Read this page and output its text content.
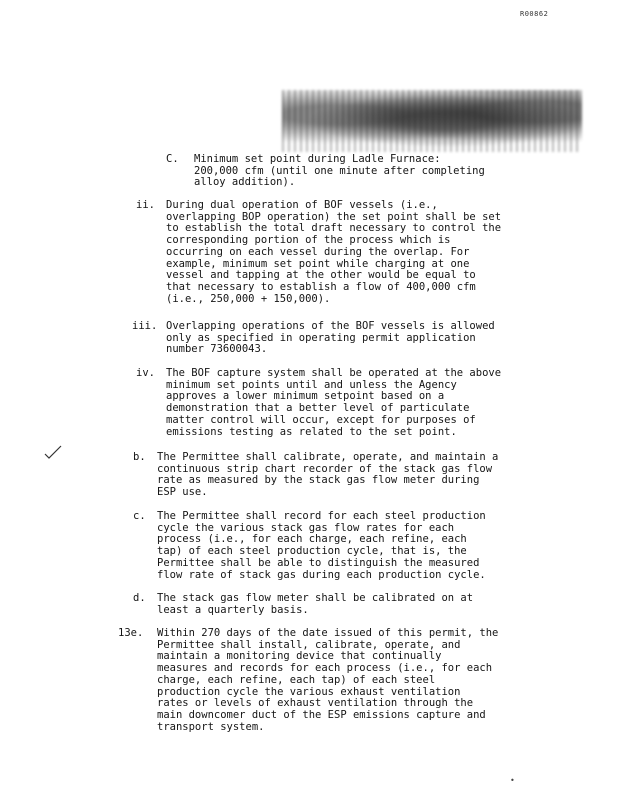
R00862
C. Minimum set point during Ladle Furnace:
200,000 cfm (until one minute after completing
alloy addition).
ii. During dual operation of BOF vessels (i.e.,
overlapping BOP operation) the set point shall be set
to establish the total draft necessary to control the
corresponding portion of the process which is
occurring on each vessel during the overlap. For
example, minimum set point while charging at one
vessel and tapping at the other would be equal to
that necessary to establish a flow of 400,000 cfm
(i.e., 250,000 + 150,000).
iii. Overlapping operations of the BOF vessels is allowed
only as specified in operating permit application
number 73600043.
iv. The BOF capture system shall be operated at the above
minimum set points until and unless the Agency
approves a lower minimum setpoint based on a
demonstration that a better level of particulate
matter control will occur, except for purposes of
emissions testing as related to the set point.
b. The Permittee shall calibrate, operate, and maintain a
continuous strip chart recorder of the stack gas flow
rate as measured by the stack gas flow meter during
ESP use.
c. The Permittee shall record for each steel production
cycle the various stack gas flow rates for each
process (i.e., for each charge, each refine, each
tap) of each steel production cycle, that is, the
Permittee shall be able to distinguish the measured
flow rate of stack gas during each production cycle.
d. The stack gas flow meter shall be calibrated on at
least a quarterly basis.
13e. Within 270 days of the date issued of this permit, the
Permittee shall install, calibrate, operate, and
maintain a monitoring device that continually
measures and records for each process (i.e., for each
charge, each refine, each tap) of each steel
production cycle the various exhaust ventilation
rates or levels of exhaust ventilation through the
main downcomer duct of the ESP emissions capture and
transport system.
•
